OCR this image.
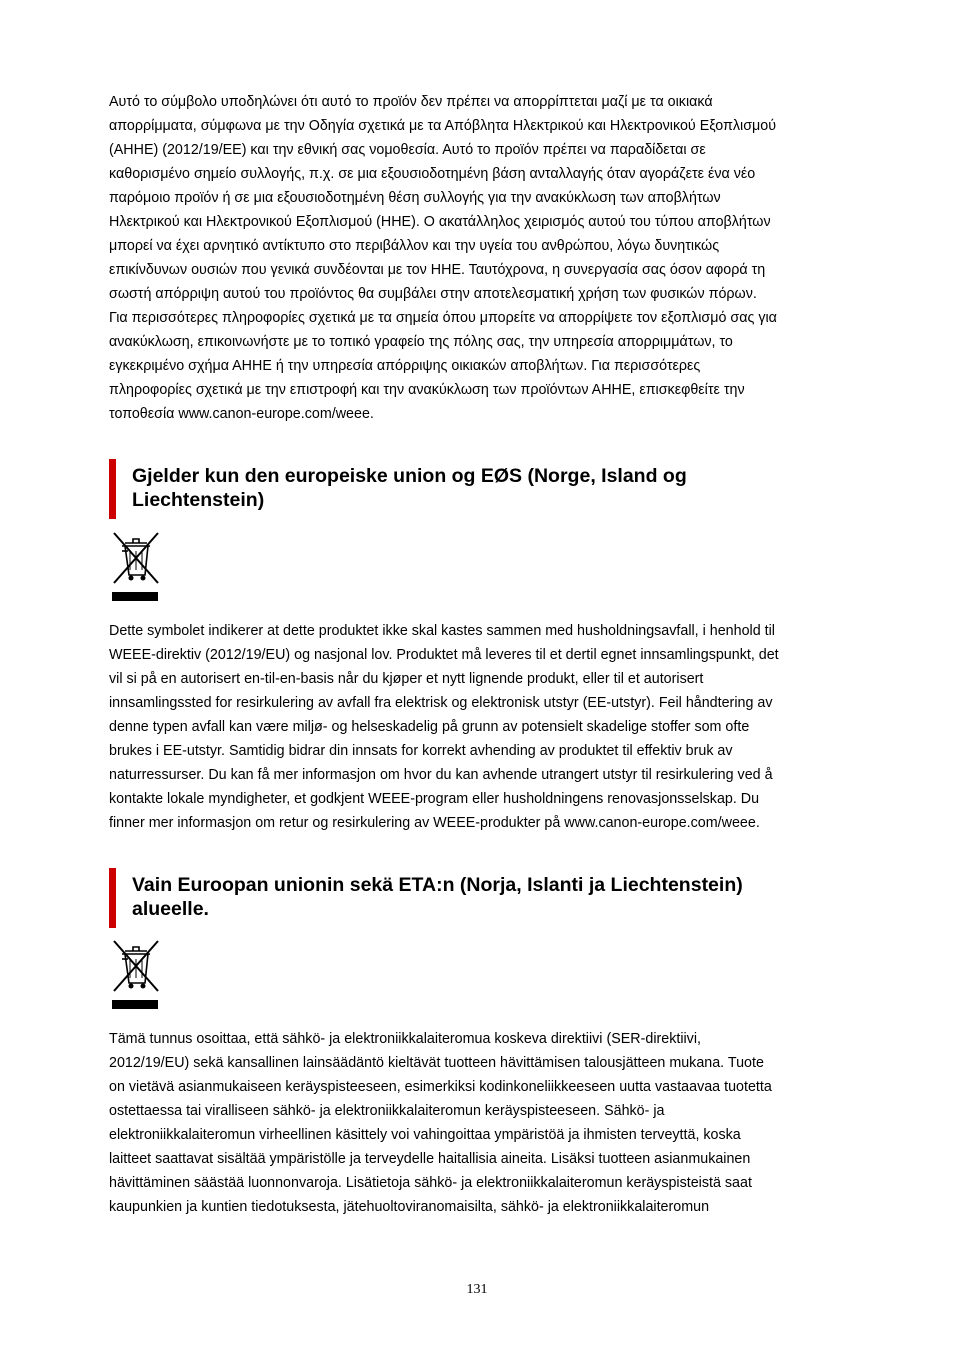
Αυτό το σύμβολο υποδηλώνει ότι αυτό το προϊόν δεν πρέπει να απορρίπτεται μαζί με τα οικιακά
απορρίμματα, σύμφωνα με την Οδηγία σχετικά με τα Απόβλητα Ηλεκτρικού και Ηλεκτρονικού Εξοπλισμού
(AHHE) (2012/19/EE) και την εθνική σας νομοθεσία. Αυτό το προϊόν πρέπει να παραδίδεται σε
καθορισμένο σημείο συλλογής, π.χ. σε μια εξουσιοδοτημένη βάση ανταλλαγής όταν αγοράζετε ένα νέο
παρόμοιο προϊόν ή σε μια εξουσιοδοτημένη θέση συλλογής για την ανακύκλωση των αποβλήτων
Ηλεκτρικού και Ηλεκτρονικού Εξοπλισμού (ΗΗΕ). Ο ακατάλληλος χειρισμός αυτού του τύπου αποβλήτων
μπορεί να έχει αρνητικό αντίκτυπο στο περιβάλλον και την υγεία του ανθρώπου, λόγω δυνητικώς
επικίνδυνων ουσιών που γενικά συνδέονται με τον ΗΗΕ. Ταυτόχρονα, η συνεργασία σας όσον αφορά τη
σωστή απόρριψη αυτού του προϊόντος θα συμβάλει στην αποτελεσματική χρήση των φυσικών πόρων.
Για περισσότερες πληροφορίες σχετικά με τα σημεία όπου μπορείτε να απορρίψετε τον εξοπλισμό σας για
ανακύκλωση, επικοινωνήστε με το τοπικό γραφείο της πόλης σας, την υπηρεσία απορριμμάτων, το
εγκεκριμένο σχήμα ΑΗΗΕ ή την υπηρεσία απόρριψης οικιακών αποβλήτων. Για περισσότερες
πληροφορίες σχετικά με την επιστροφή και την ανακύκλωση των προϊόντων ΑΗΗΕ, επισκεφθείτε την
τοποθεσία www.canon-europe.com/weee.

Gjelder kun den europeiske union og EØS (Norge, Island og
Liechtenstein)

Dette symbolet indikerer at dette produktet ikke skal kastes sammen med husholdningsavfall, i henhold til
WEEE-direktiv (2012/19/EU) og nasjonal lov. Produktet må leveres til et dertil egnet innsamlingspunkt, det
vil si på en autorisert en-til-en-basis når du kjøper et nytt lignende produkt, eller til et autorisert
innsamlingssted for resirkulering av avfall fra elektrisk og elektronisk utstyr (EE-utstyr). Feil håndtering av
denne typen avfall kan være miljø- og helseskadelig på grunn av potensielt skadelige stoffer som ofte
brukes i EE-utstyr. Samtidig bidrar din innsats for korrekt avhending av produktet til effektiv bruk av
naturressurser. Du kan få mer informasjon om hvor du kan avhende utrangert utstyr til resirkulering ved å
kontakte lokale myndigheter, et godkjent WEEE-program eller husholdningens renovasjonsselskap. Du
finner mer informasjon om retur og resirkulering av WEEE-produkter på www.canon-europe.com/weee.

Vain Euroopan unionin sekä ETA:n (Norja, Islanti ja Liechtenstein)
alueelle.

Tämä tunnus osoittaa, että sähkö- ja elektroniikkalaiteromua koskeva direktiivi (SER-direktiivi,
2012/19/EU) sekä kansallinen lainsäädäntö kieltävät tuotteen hävittämisen talousjätteen mukana. Tuote
on vietävä asianmukaiseen keräyspisteeseen, esimerkiksi kodinkoneliikkeeseen uutta vastaavaa tuotetta
ostettaessa tai viralliseen sähkö- ja elektroniikkalaiteromun keräyspisteeseen. Sähkö- ja
elektroniikkalaiteromun virheellinen käsittely voi vahingoittaa ympäristöä ja ihmisten terveyttä, koska
laitteet saattavat sisältää ympäristölle ja terveydelle haitallisia aineita. Lisäksi tuotteen asianmukainen
hävittäminen säästää luonnonvaroja. Lisätietoja sähkö- ja elektroniikkalaiteromun keräyspisteistä saat
kaupunkien ja kuntien tiedotuksesta, jätehuoltoviranomaisilta, sähkö- ja elektroniikkalaiteromun

131
